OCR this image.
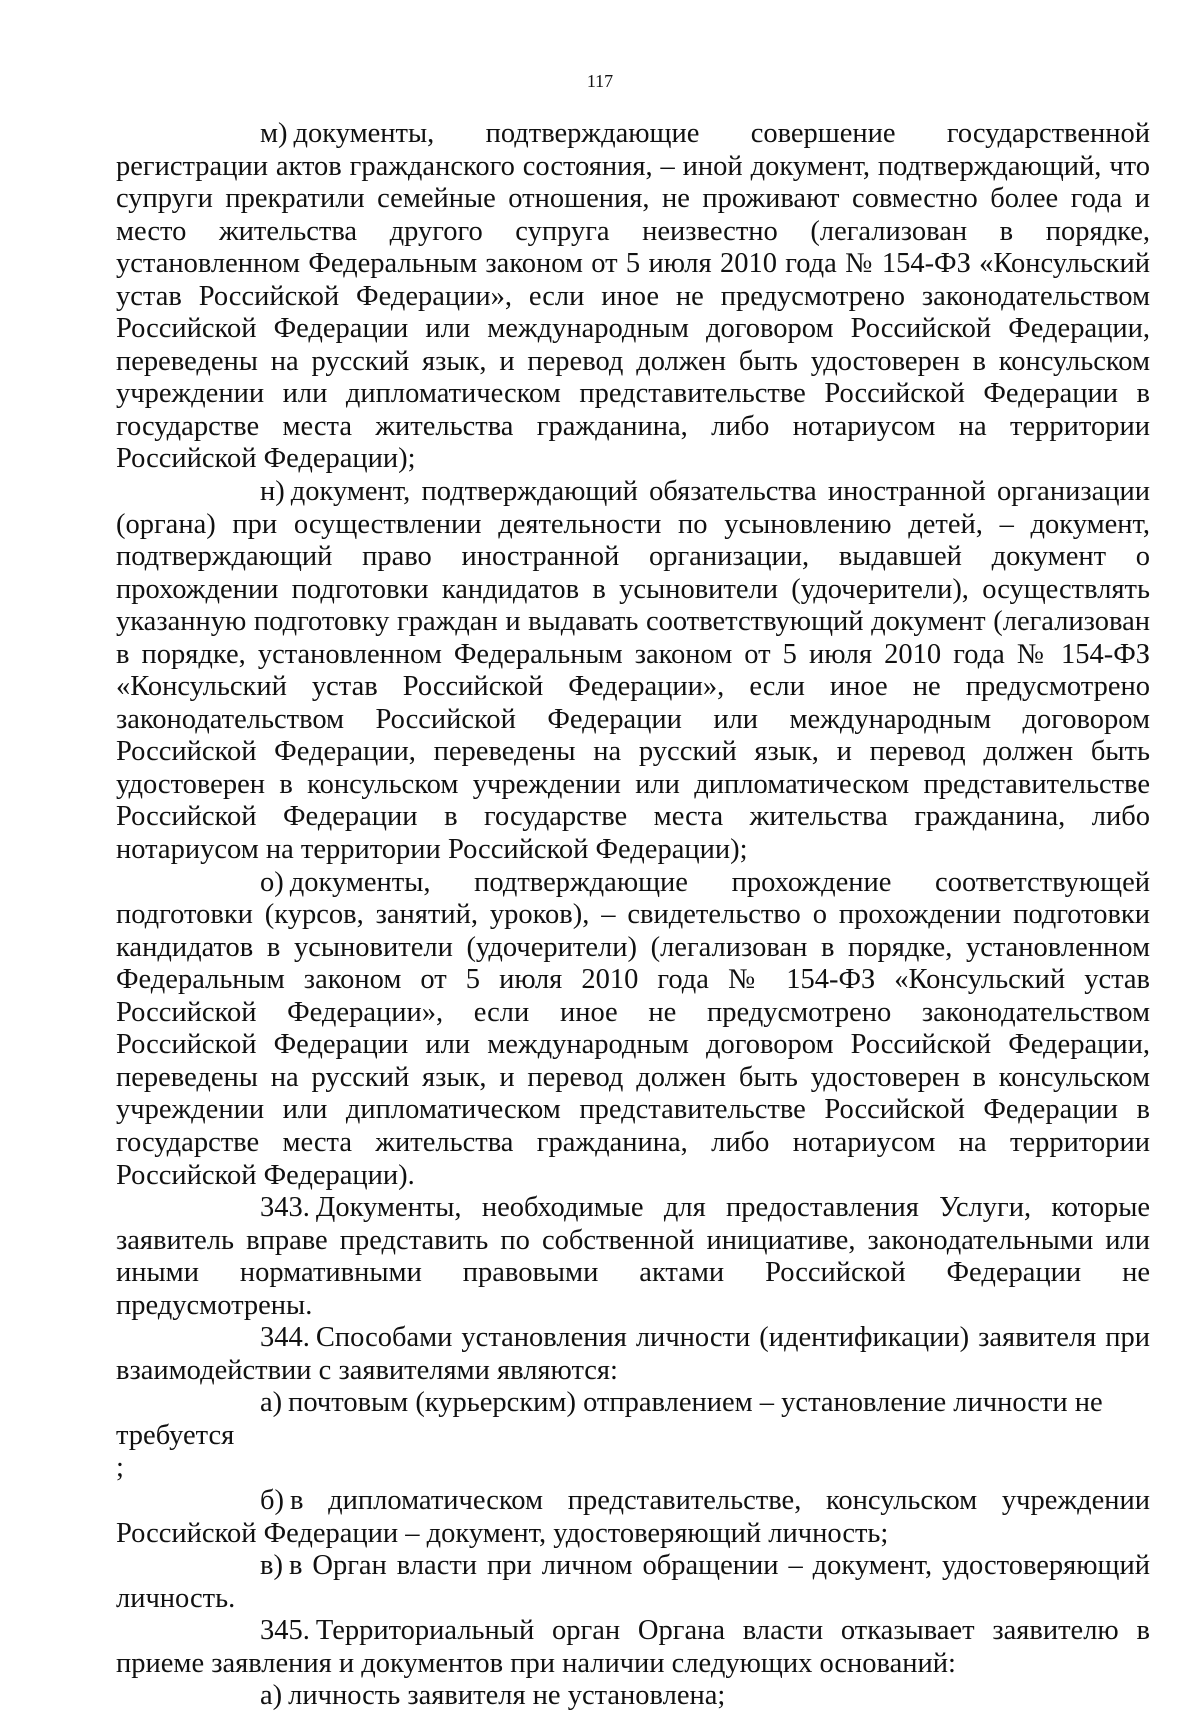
117

м) документы, подтверждающие совершение государственной регистрации актов гражданского состояния, – иной документ, подтверждающий, что супруги прекратили семейные отношения, не проживают совместно более года и место жительства другого супруга неизвестно (легализован в порядке, установленном Федеральным законом от 5 июля 2010 года № 154-ФЗ «Консульский устав Российской Федерации», если иное не предусмотрено законодательством Российской Федерации или международным договором Российской Федерации, переведены на русский язык, и перевод должен быть удостоверен в консульском учреждении или дипломатическом представительстве Российской Федерации в государстве места жительства гражданина, либо нотариусом на территории Российской Федерации);

н) документ, подтверждающий обязательства иностранной организации (органа) при осуществлении деятельности по усыновлению детей, – документ, подтверждающий право иностранной организации, выдавшей документ о прохождении подготовки кандидатов в усыновители (удочерители), осуществлять указанную подготовку граждан и выдавать соответствующий документ (легализован в порядке, установленном Федеральным законом от 5 июля 2010 года № 154-ФЗ «Консульский устав Российской Федерации», если иное не предусмотрено законодательством Российской Федерации или международным договором Российской Федерации, переведены на русский язык, и перевод должен быть удостоверен в консульском учреждении или дипломатическом представительстве Российской Федерации в государстве места жительства гражданина, либо нотариусом на территории Российской Федерации);

о) документы, подтверждающие прохождение соответствующей подготовки (курсов, занятий, уроков), – свидетельство о прохождении подготовки кандидатов в усыновители (удочерители) (легализован в порядке, установленном Федеральным законом от 5 июля 2010 года № 154-ФЗ «Консульский устав Российской Федерации», если иное не предусмотрено законодательством Российской Федерации или международным договором Российской Федерации, переведены на русский язык, и перевод должен быть удостоверен в консульском учреждении или дипломатическом представительстве Российской Федерации в государстве места жительства гражданина, либо нотариусом на территории Российской Федерации).

343. Документы, необходимые для предоставления Услуги, которые заявитель вправе представить по собственной инициативе, законодательными или иными нормативными правовыми актами Российской Федерации не предусмотрены.

344. Способами установления личности (идентификации) заявителя при взаимодействии с заявителями являются:

а) почтовым (курьерским) отправлением – установление личности не требуется

;

б) в дипломатическом представительстве, консульском учреждении Российской Федерации – документ, удостоверяющий личность;

в) в Орган власти при личном обращении – документ, удостоверяющий личность.

345. Территориальный орган Органа власти отказывает заявителю в приеме заявления и документов при наличии следующих оснований:

а) личность заявителя не установлена;
